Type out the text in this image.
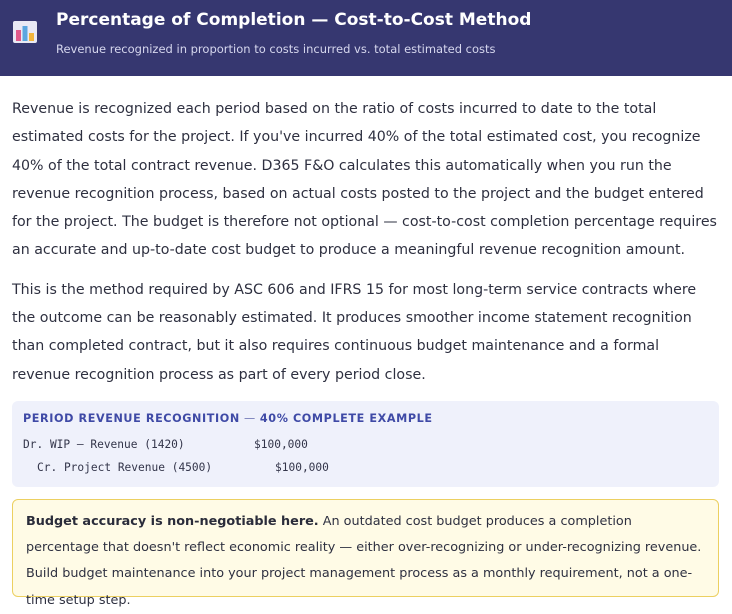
Percentage of Completion — Cost-to-Cost Method
Revenue recognized in proportion to costs incurred vs. total estimated costs

Revenue is recognized each period based on the ratio of costs incurred to date to the total estimated costs for the project. If you've incurred 40% of the total estimated cost, you recognize 40% of the total contract revenue. D365 F&O calculates this automatically when you run the revenue recognition process, based on actual costs posted to the project and the budget entered for the project. The budget is therefore not optional — cost-to-cost completion percentage requires an accurate and up-to-date cost budget to produce a meaningful revenue recognition amount.

This is the method required by ASC 606 and IFRS 15 for most long-term service contracts where the outcome can be reasonably estimated. It produces smoother income statement recognition than completed contract, but it also requires continuous budget maintenance and a formal revenue recognition process as part of every period close.

PERIOD REVENUE RECOGNITION — 40% COMPLETE EXAMPLE
Dr. WIP – Revenue (1420)	$100,000
Cr. Project Revenue (4500)	$100,000

Budget accuracy is non-negotiable here. An outdated cost budget produces a completion percentage that doesn't reflect economic reality — either over-recognizing or under-recognizing revenue. Build budget maintenance into your project management process as a monthly requirement, not a one-time setup step.
